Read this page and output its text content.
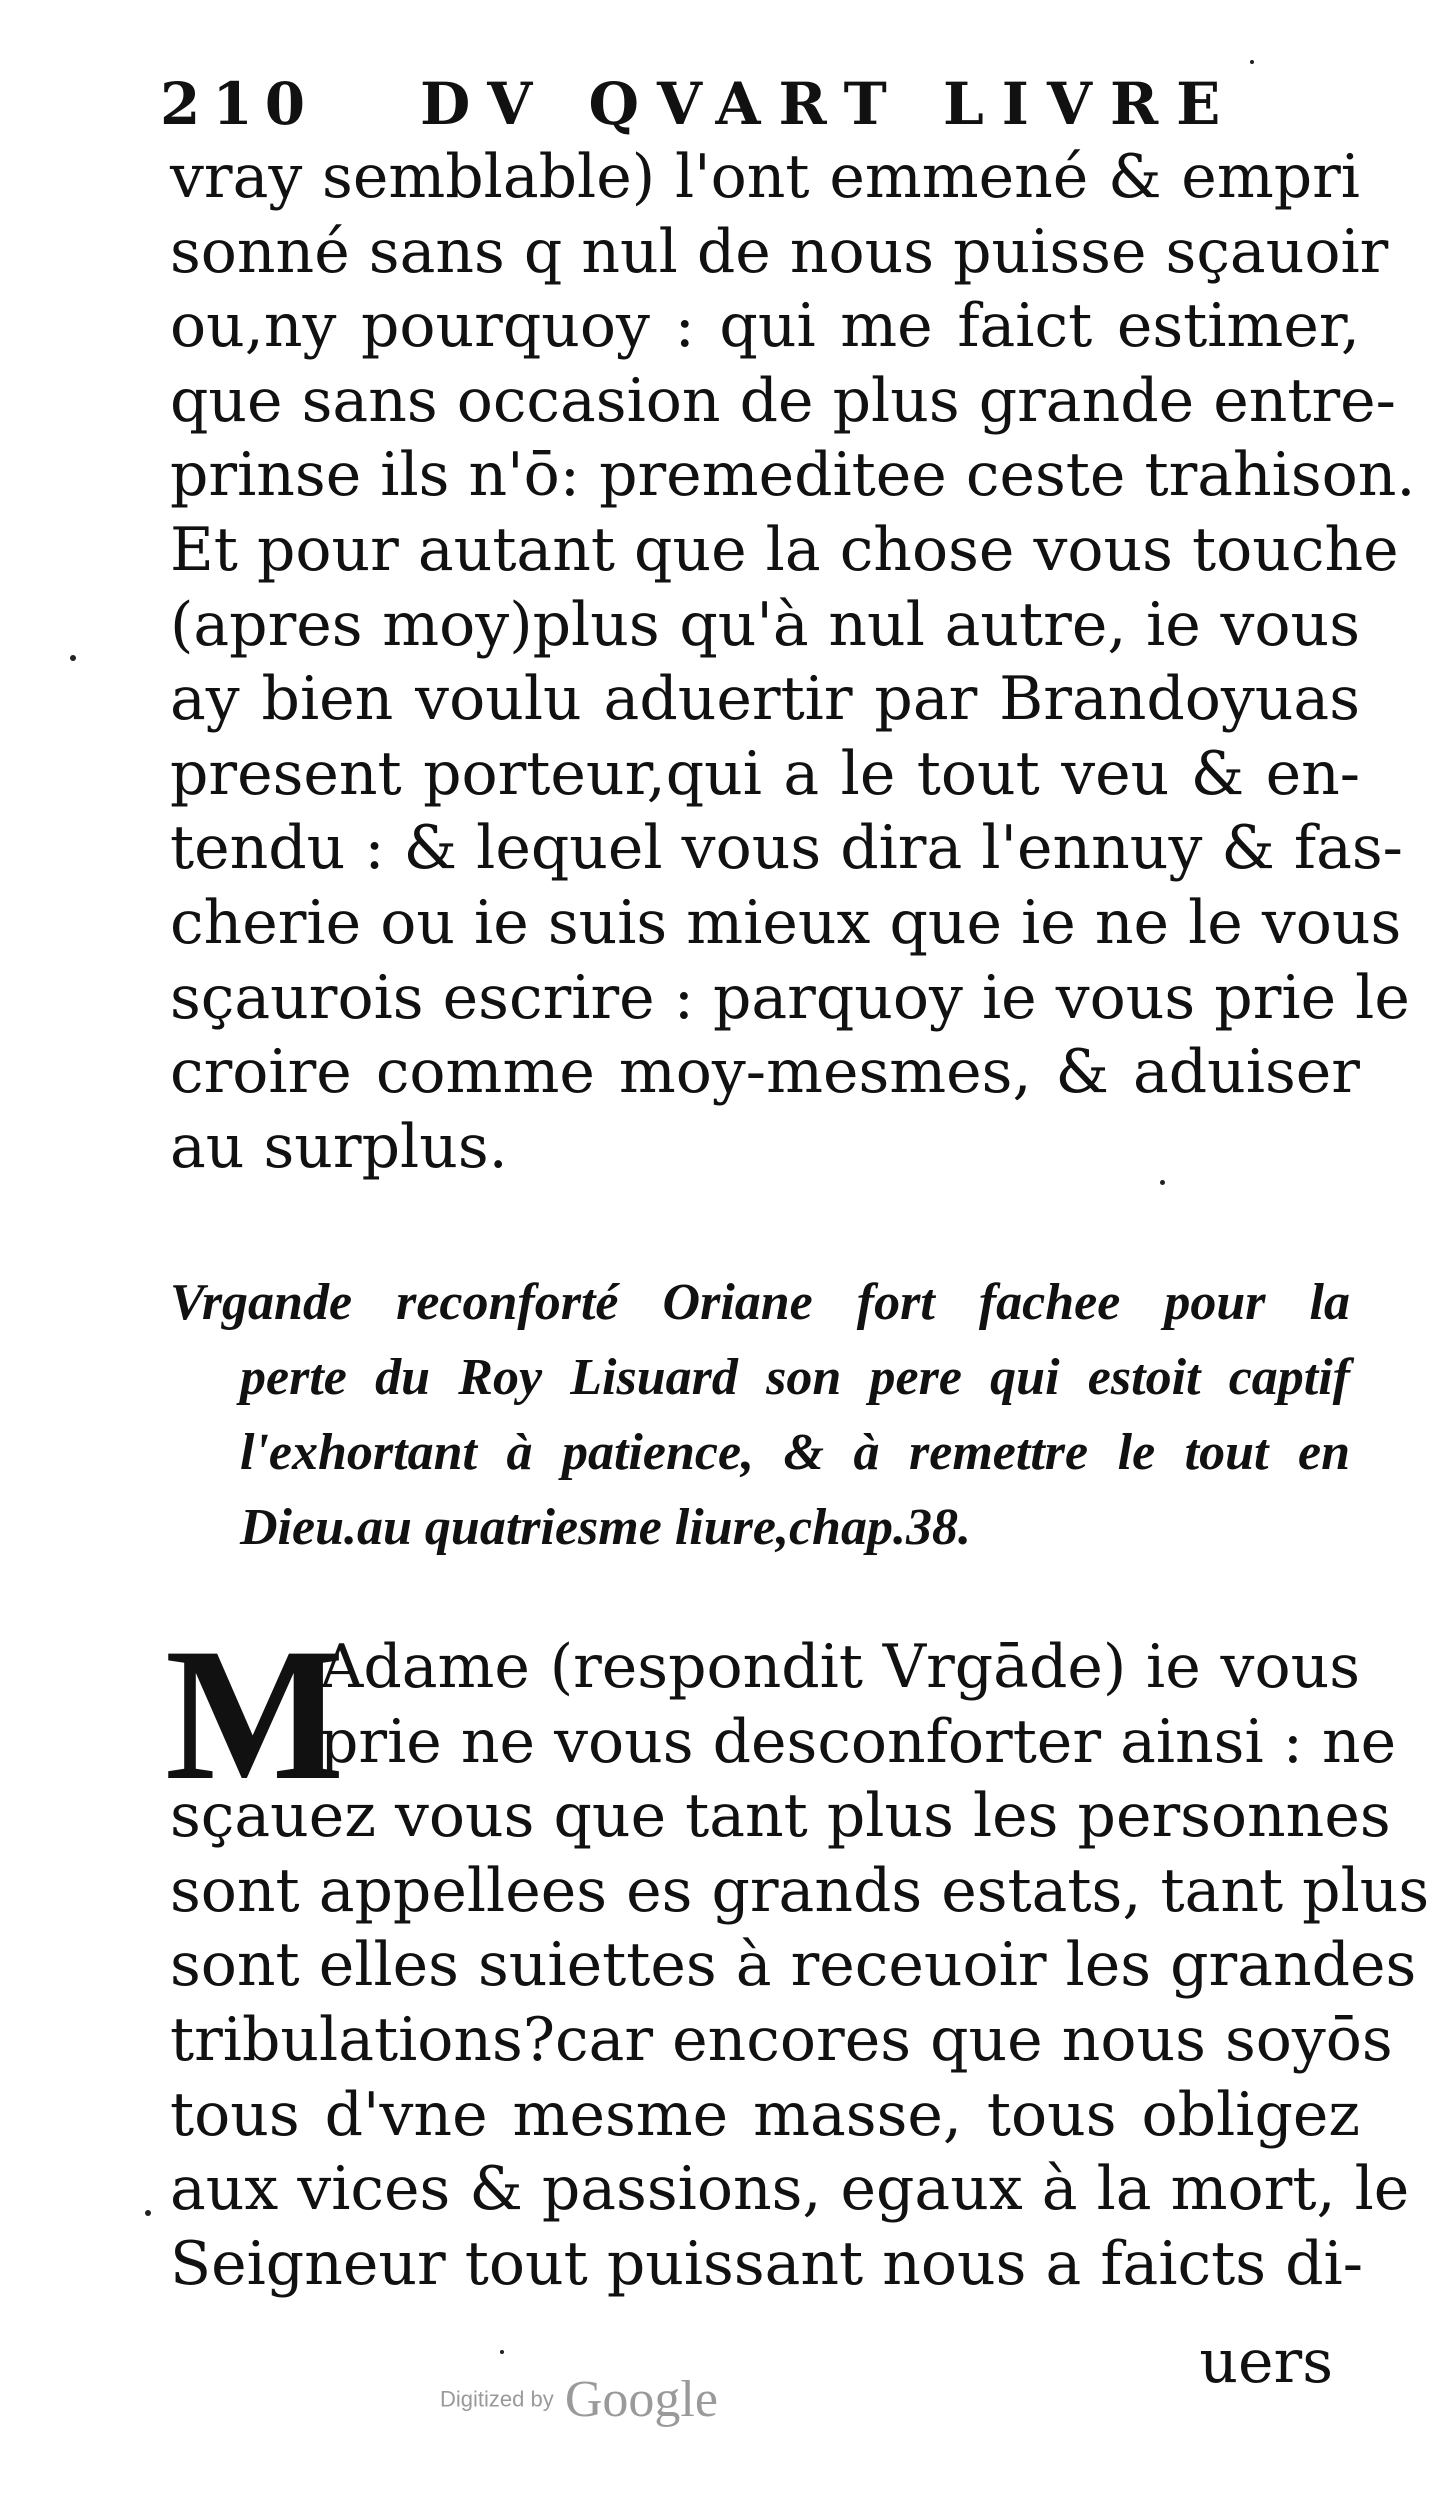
210 DV QVART LIVRE
vray semblable) l'ont emmené & empri
sonné sans q nul de nous puisse sçauoir
ou,ny pourquoy : qui me faict estimer,
que sans occasion de plus grande entre-
prinse ils n'ō: premeditee ceste trahison.
Et pour autant que la chose vous touche
(apres moy)plus qu'à nul autre, ie vous
ay bien voulu aduertir par Brandoyuas
present porteur,qui a le tout veu & en-
tendu : & lequel vous dira l'ennuy & fas-
cherie ou ie suis mieux que ie ne le vous
sçaurois escrire : parquoy ie vous prie le
croire comme moy-mesmes, & aduiser
au surplus.
Vrgande reconforté Oriane fort fachee pour la
perte du Roy Lisuard son pere qui estoit captif
l'exhortant à patience, & à remettre le tout en
Dieu.au quatriesme liure,chap.38.
M
Adame (respondit Vrgāde) ie vous
prie ne vous desconforter ainsi : ne
sçauez vous que tant plus les personnes
sont appellees es grands estats, tant plus
sont elles suiettes à receuoir les grandes
tribulations?car encores que nous soyōs
tous d'vne mesme masse, tous obligez
aux vices & passions, egaux à la mort, le
Seigneur tout puissant nous a faicts di-
uers
Digitized by Google
